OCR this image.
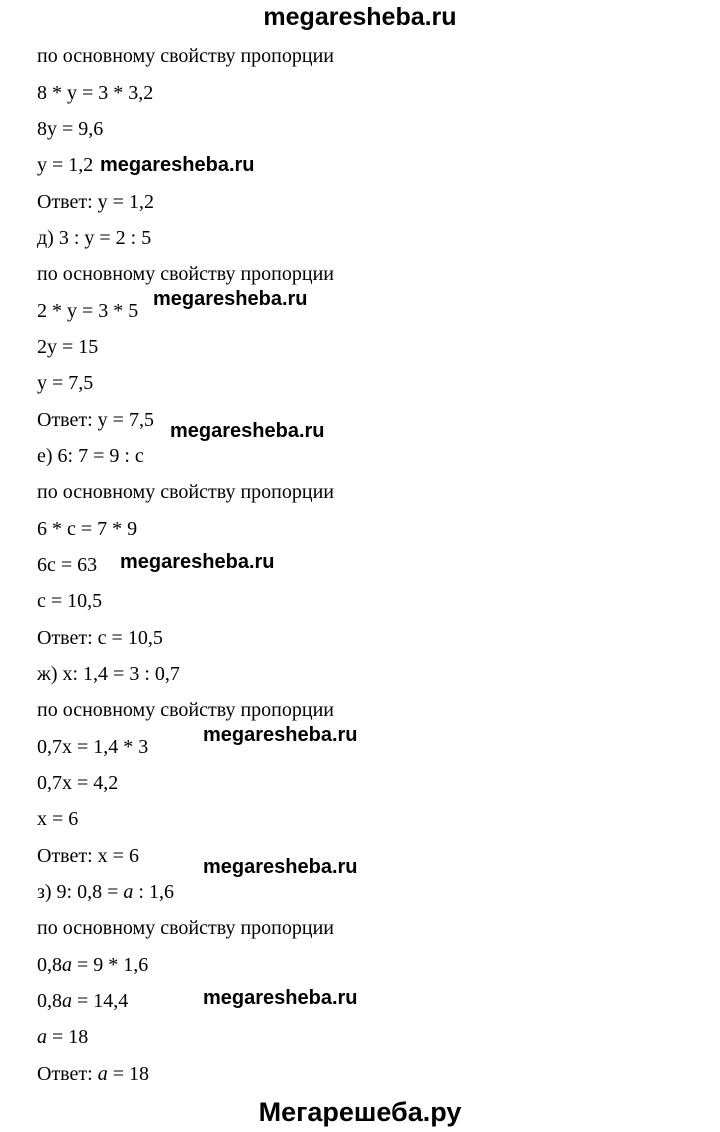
megaresheba.ru
по основному свойству пропорции
8 * y = 3 * 3,2
8y = 9,6
y = 1,2
Ответ: y = 1,2
д) 3 : y = 2 : 5
по основному свойству пропорции
2 * y = 3 * 5
2y = 15
y = 7,5
Ответ: y = 7,5
е) 6: 7 = 9 : c
по основному свойству пропорции
6 * c = 7 * 9
6c = 63
c = 10,5
Ответ: c = 10,5
ж) x: 1,4 = 3 : 0,7
по основному свойству пропорции
0,7x = 1,4 * 3
0,7x = 4,2
x = 6
Ответ: x = 6
з) 9: 0,8 = a : 1,6
по основному свойству пропорции
0,8a = 9 * 1,6
0,8a = 14,4
a = 18
Ответ: a = 18
megaresheba.ru
megaresheba.ru
megaresheba.ru
megaresheba.ru
megaresheba.ru
megaresheba.ru
megaresheba.ru
Мегарешеба.ру
